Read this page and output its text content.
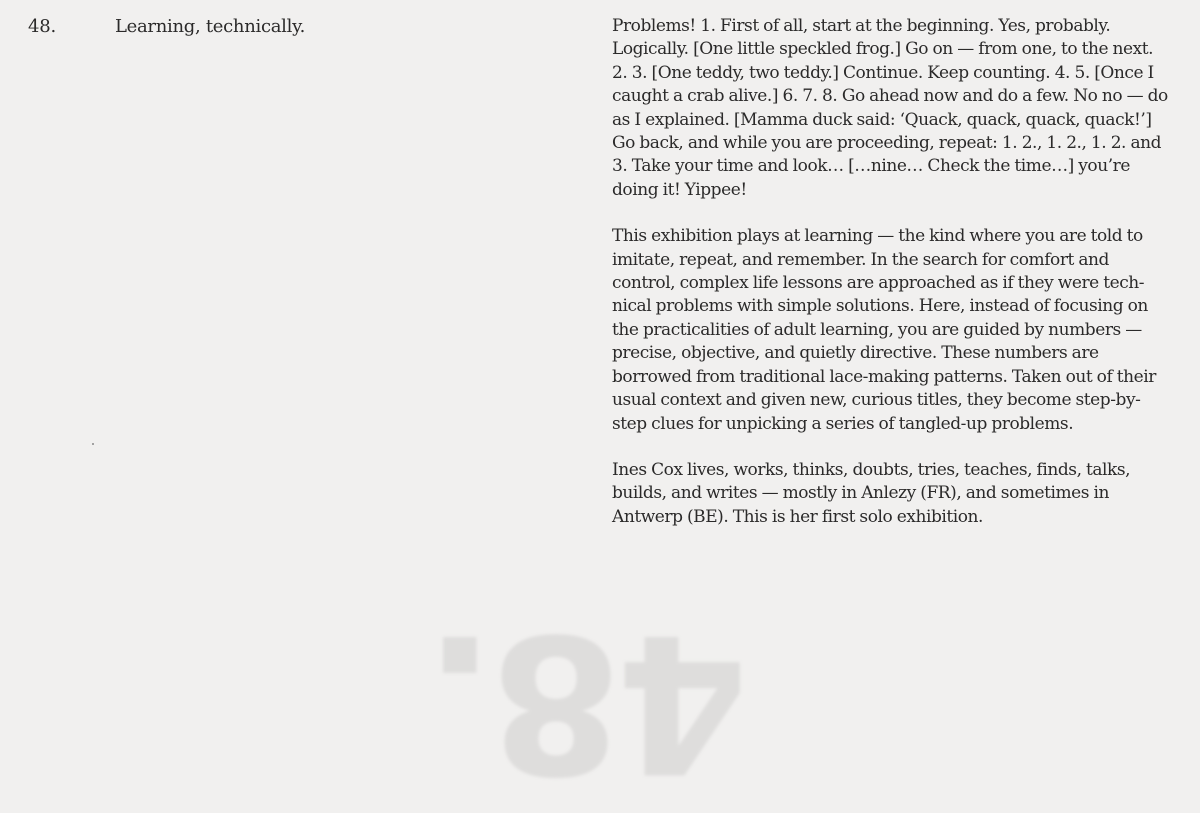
48.	Learning, technically.	Problems! 1. First of all, start at the beginning. Yes, probably. Logically. [One little speckled frog.] Go on — from one, to the next. 2. 3. [One teddy, two teddy.] Continue. Keep counting. 4. 5. [Once I caught a crab alive.] 6. 7. 8. Go ahead now and do a few. No no — do as I explained. [Mamma duck said: ‘Quack, quack, quack, quack!’] Go back, and while you are proceeding, repeat: 1. 2., 1. 2., 1. 2. and 3. Take your time and look… […nine… Check the time…] you’re doing it! Yippee!

This exhibition plays at learning — the kind where you are told to imitate, repeat, and remember. In the search for comfort and control, complex life lessons are approached as if they were technical problems with simple solutions. Here, instead of focusing on the practicalities of adult learning, you are guided by numbers — precise, objective, and quietly directive. These numbers are borrowed from traditional lace-making patterns. Taken out of their usual context and given new, curious titles, they become step-by-step clues for unpicking a series of tangled-up problems.

Ines Cox lives, works, thinks, doubts, tries, teaches, finds, talks, builds, and writes — mostly in Anlezy (FR), and sometimes in Antwerp (BE). This is her first solo exhibition.

48.
